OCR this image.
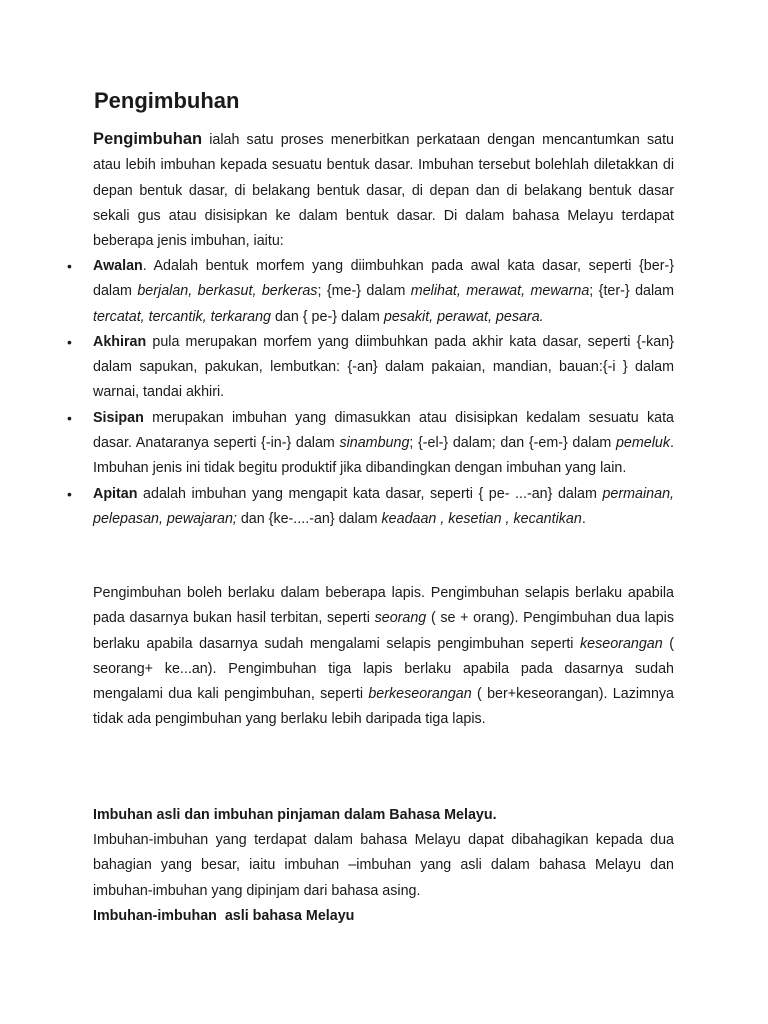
Pengimbuhan

Pengimbuhan ialah satu proses menerbitkan perkataan dengan mencantumkan satu atau lebih imbuhan kepada sesuatu bentuk dasar. Imbuhan tersebut bolehlah diletakkan di depan bentuk dasar, di belakang bentuk dasar, di depan dan di belakang bentuk dasar sekali gus atau disisipkan ke dalam bentuk dasar. Di dalam bahasa Melayu terdapat beberapa jenis imbuhan, iaitu:

• Awalan. Adalah bentuk morfem yang diimbuhkan pada awal kata dasar, seperti {ber-} dalam berjalan, berkasut, berkeras; {me-} dalam melihat, merawat, mewarna; {ter-} dalam tercatat, tercantik, terkarang dan { pe-} dalam pesakit, perawat, pesara.
• Akhiran pula merupakan morfem yang diimbuhkan pada akhir kata dasar, seperti {-kan} dalam sapukan, pakukan, lembutkan: {-an} dalam pakaian, mandian, bauan:{-i } dalam warnai, tandai akhiri.
• Sisipan merupakan imbuhan yang dimasukkan atau disisipkan kedalam sesuatu kata dasar. Anataranya seperti {-in-} dalam sinambung; {-el-} dalam; dan {-em-} dalam pemeluk. Imbuhan jenis ini tidak begitu produktif jika dibandingkan dengan imbuhan yang lain.
• Apitan adalah imbuhan yang mengapit kata dasar, seperti { pe- ...-an} dalam permainan, pelepasan, pewajaran; dan {ke-....-an} dalam keadaan , kesetian , kecantikan.

Pengimbuhan boleh berlaku dalam beberapa lapis. Pengimbuhan selapis berlaku apabila pada dasarnya bukan hasil terbitan, seperti seorang ( se + orang). Pengimbuhan dua lapis berlaku apabila dasarnya sudah mengalami selapis pengimbuhan seperti keseorangan ( seorang+ ke...an). Pengimbuhan tiga lapis berlaku apabila pada dasarnya sudah mengalami dua kali pengimbuhan, seperti berkeseorangan ( ber+keseorangan). Lazimnya tidak ada pengimbuhan yang berlaku lebih daripada tiga lapis.

Imbuhan asli dan imbuhan pinjaman dalam Bahasa Melayu.

Imbuhan-imbuhan yang terdapat dalam bahasa Melayu dapat dibahagikan kepada dua bahagian yang besar, iaitu imbuhan –imbuhan yang asli dalam bahasa Melayu dan imbuhan-imbuhan yang dipinjam dari bahasa asing.

Imbuhan-imbuhan  asli bahasa Melayu
